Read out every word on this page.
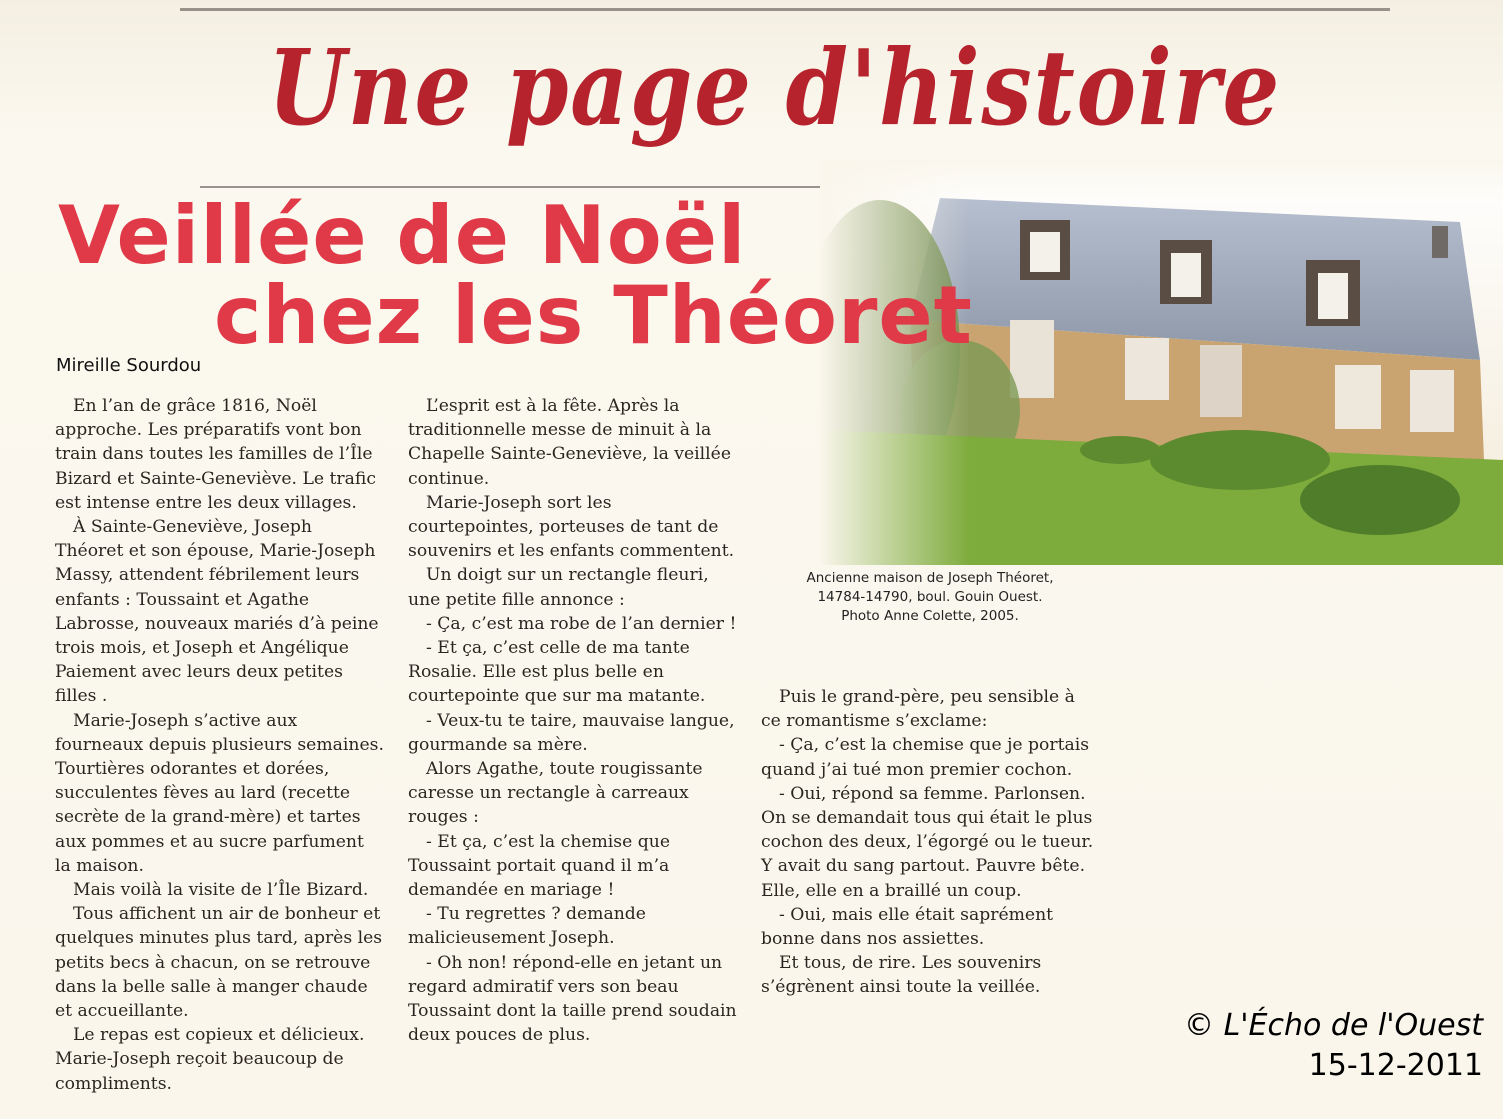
Une page d'histoire
Veillée de Noël
chez les Théoret
Mireille Sourdou

En l’an de grâce 1816, Noël approche. Les préparatifs vont bon train dans toutes les familles de l’Île Bizard et Sainte-Geneviève. Le trafic est intense entre les deux villages.

À Sainte-Geneviève, Joseph Théoret et son épouse, Marie-Joseph Massy, attendent fébrilement leurs enfants : Toussaint et Agathe Labrosse, nouveaux mariés d’à peine trois mois, et Joseph et Angélique Paiement avec leurs deux petites filles .

Marie-Joseph s’active aux fourneaux depuis plusieurs semaines. Tourtières odorantes et dorées, succulentes fèves au lard (recette secrète de la grand-mère) et tartes aux pommes et au sucre parfument la maison.

Mais voilà la visite de l’Île Bizard.

Tous affichent un air de bonheur et quelques minutes plus tard, après les petits becs à chacun, on se retrouve dans la belle salle à manger chaude et accueillante.

Le repas est copieux et délicieux. Marie-Joseph reçoit beaucoup de compliments.

L’esprit est à la fête. Après la traditionnelle messe de minuit à la Chapelle Sainte-Geneviève, la veillée continue.

Marie-Joseph sort les courtepointes, porteuses de tant de souvenirs et les enfants commentent.

Un doigt sur un rectangle fleuri, une petite fille annonce :

- Ça, c’est ma robe de l’an dernier !

- Et ça, c’est celle de ma tante Rosalie. Elle est plus belle en courtepointe que sur ma matante.

- Veux-tu te taire, mauvaise langue, gourmande sa mère.

Alors Agathe, toute rougissante caresse un rectangle à carreaux rouges :

- Et ça, c’est la chemise que Toussaint portait quand il m’a demandée en mariage !

- Tu regrettes ? demande malicieusement Joseph.

- Oh non! répond-elle en jetant un regard admiratif vers son beau Toussaint dont la taille prend soudain deux pouces de plus.

Ancienne maison de Joseph Théoret,
14784-14790, boul. Gouin Ouest.
Photo Anne Colette, 2005.

Puis le grand-père, peu sensible à ce romantisme s’exclame:

- Ça, c’est la chemise que je portais quand j’ai tué mon premier cochon.

- Oui, répond sa femme. Parlonsen. On se demandait tous qui était le plus cochon des deux, l’égorgé ou le tueur. Y avait du sang partout. Pauvre bête. Elle, elle en a braillé un coup.

- Oui, mais elle était saprément bonne dans nos assiettes.

Et tous, de rire. Les souvenirs s’égrènent ainsi toute la veillée.

© L'Écho de l'Ouest
15-12-2011
